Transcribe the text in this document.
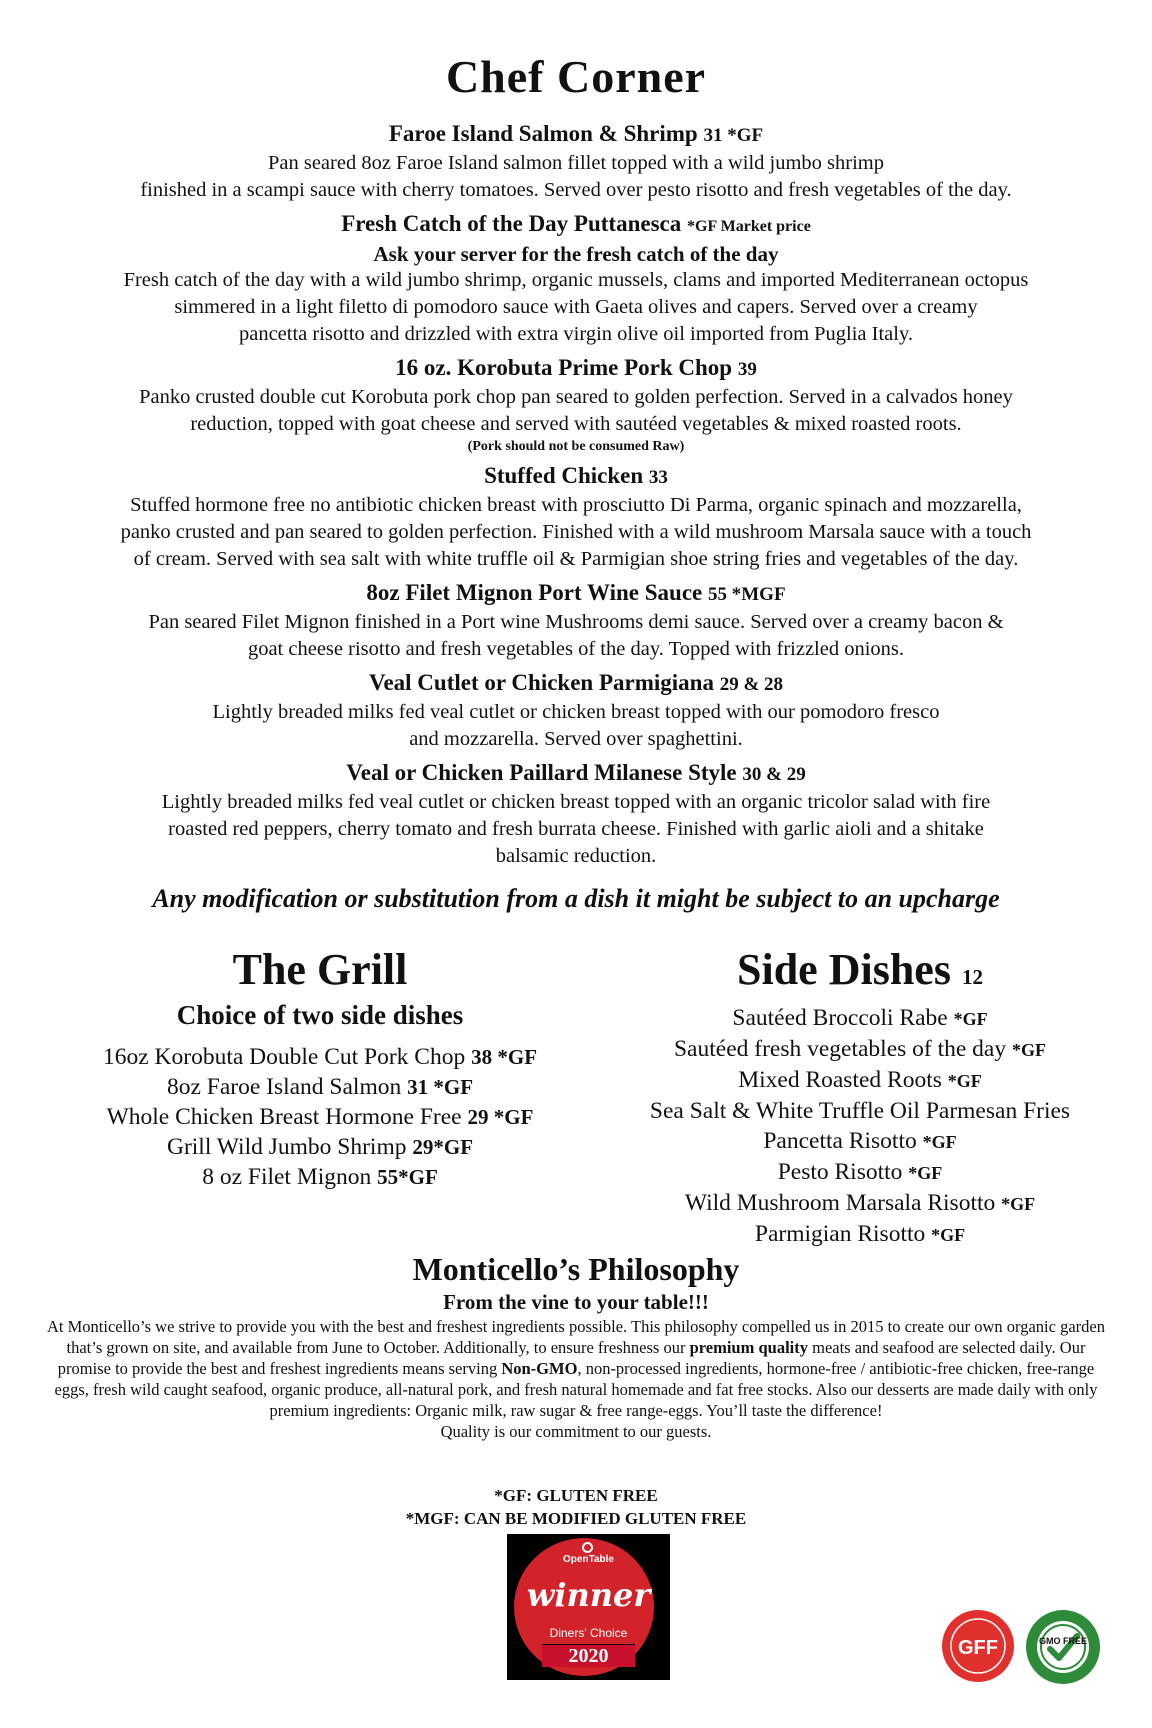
Chef Corner
Faroe Island Salmon & Shrimp 31 *GF
Pan seared 8oz Faroe Island salmon fillet topped with a wild jumbo shrimp
finished in a scampi sauce with cherry tomatoes. Served over pesto risotto and fresh vegetables of the day.
Fresh Catch of the Day Puttanesca *GF Market price
Ask your server for the fresh catch of the day
Fresh catch of the day with a wild jumbo shrimp, organic mussels, clams and imported Mediterranean octopus
simmered in a light filetto di pomodoro sauce with Gaeta olives and capers. Served over a creamy
pancetta risotto and drizzled with extra virgin olive oil imported from Puglia Italy.
16 oz. Korobuta Prime Pork Chop 39
Panko crusted double cut Korobuta pork chop pan seared to golden perfection. Served in a calvados honey
reduction, topped with goat cheese and served with sautéed vegetables & mixed roasted roots.
(Pork should not be consumed Raw)
Stuffed Chicken 33
Stuffed hormone free no antibiotic chicken breast with prosciutto Di Parma, organic spinach and mozzarella,
panko crusted and pan seared to golden perfection. Finished with a wild mushroom Marsala sauce with a touch
of cream. Served with sea salt with white truffle oil & Parmigian shoe string fries and vegetables of the day.
8oz Filet Mignon Port Wine Sauce 55 *MGF
Pan seared Filet Mignon finished in a Port wine Mushrooms demi sauce. Served over a creamy bacon &
goat cheese risotto and fresh vegetables of the day. Topped with frizzled onions.
Veal Cutlet or Chicken Parmigiana 29 & 28
Lightly breaded milks fed veal cutlet or chicken breast topped with our pomodoro fresco
and mozzarella. Served over spaghettini.
Veal or Chicken Paillard Milanese Style 30 & 29
Lightly breaded milks fed veal cutlet or chicken breast topped with an organic tricolor salad with fire
roasted red peppers, cherry tomato and fresh burrata cheese. Finished with garlic aioli and a shitake
balsamic reduction.
Any modification or substitution from a dish it might be subject to an upcharge
The Grill
Choice of two side dishes
16oz Korobuta Double Cut Pork Chop 38 *GF
8oz Faroe Island Salmon 31 *GF
Whole Chicken Breast Hormone Free 29 *GF
Grill Wild Jumbo Shrimp 29*GF
8 oz Filet Mignon 55*GF
Side Dishes 12
Sautéed Broccoli Rabe *GF
Sautéed fresh vegetables of the day *GF
Mixed Roasted Roots *GF
Sea Salt & White Truffle Oil Parmesan Fries
Pancetta Risotto *GF
Pesto Risotto *GF
Wild Mushroom Marsala Risotto *GF
Parmigian Risotto *GF
Monticello’s Philosophy
From the vine to your table!!!
At Monticello’s we strive to provide you with the best and freshest ingredients possible. This philosophy compelled us in 2015 to create our own organic garden that’s grown on site, and available from June to October. Additionally, to ensure freshness our premium quality meats and seafood are selected daily. Our promise to provide the best and freshest ingredients means serving Non-GMO, non-processed ingredients, hormone-free / antibiotic-free chicken, free-range eggs, fresh wild caught seafood, organic produce, all-natural pork, and fresh natural homemade and fat free stocks. Also our desserts are made daily with only premium ingredients: Organic milk, raw sugar & free range-eggs. You’ll taste the difference!
Quality is our commitment to our guests.
*GF: GLUTEN FREE
*MGF: CAN BE MODIFIED GLUTEN FREE
OpenTable
winner
Diners' Choice
2020	GFF	GMO FREE
